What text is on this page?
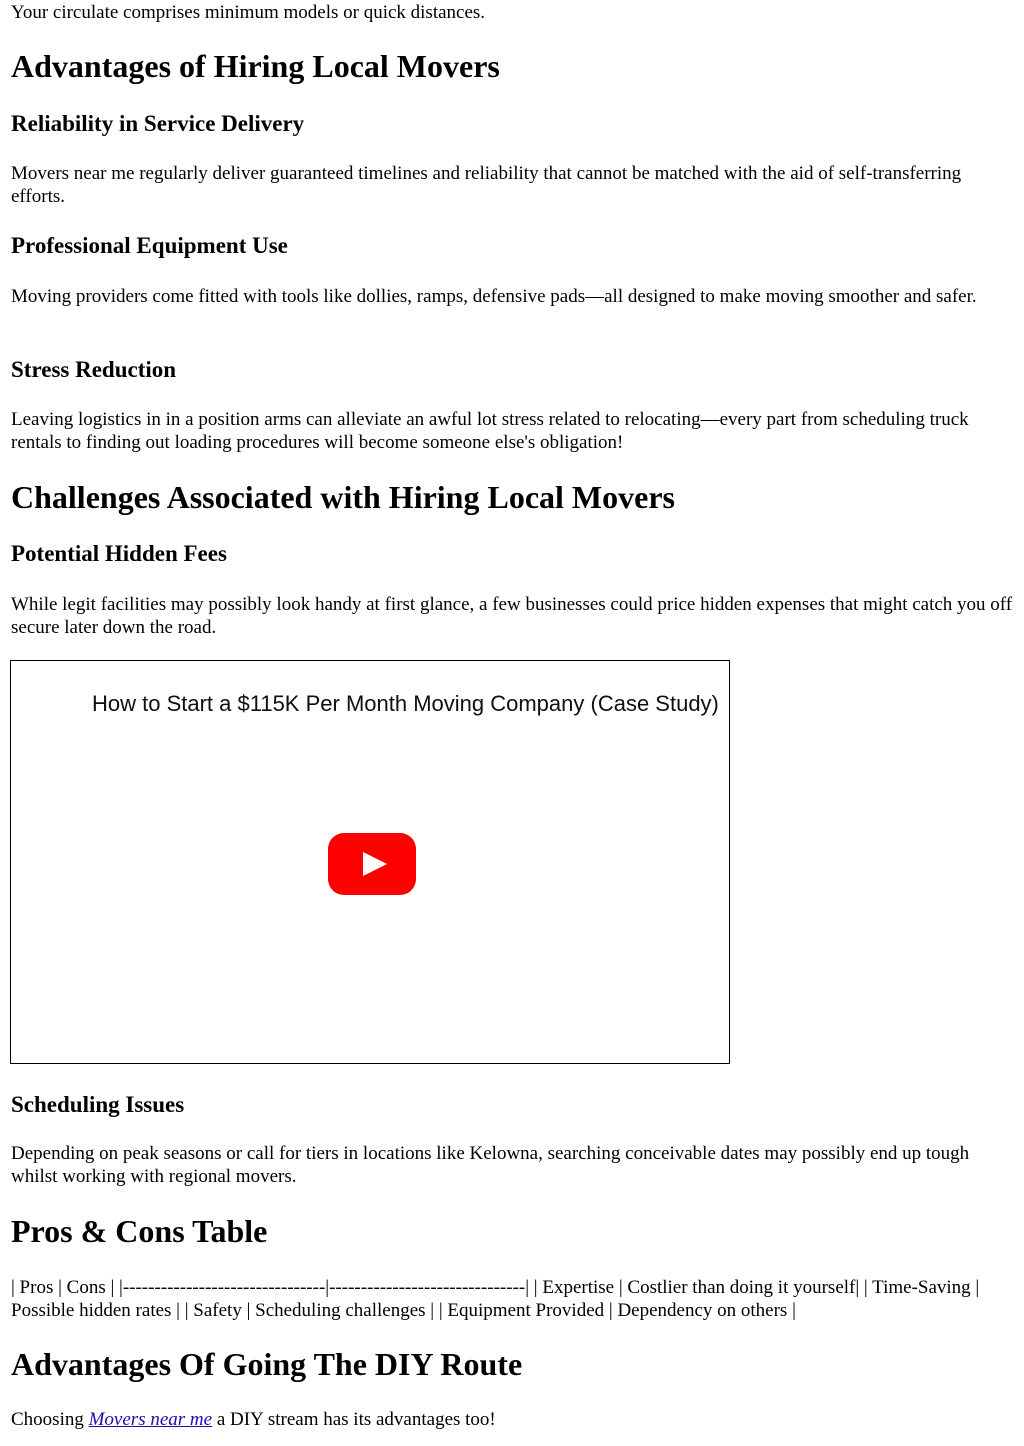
Your circulate comprises minimum models or quick distances.

Advantages of Hiring Local Movers
Reliability in Service Delivery

Movers near me regularly deliver guaranteed timelines and reliability that cannot be matched with the aid of self-transferring efforts.

Professional Equipment Use

Moving providers come fitted with tools like dollies, ramps, defensive pads—all designed to make moving smoother and safer.

Stress Reduction

Leaving logistics in in a position arms can alleviate an awful lot stress related to relocating—every part from scheduling truck rentals to finding out loading procedures will become someone else's obligation!

Challenges Associated with Hiring Local Movers
Potential Hidden Fees

While legit facilities may possibly look handy at first glance, a few businesses could price hidden expenses that might catch you off secure later down the road.

How to Start a $115K Per Month Moving Company (Case Study)
Scheduling Issues

Depending on peak seasons or call for tiers in locations like Kelowna, searching conceivable dates may possibly end up tough whilst working with regional movers.

Pros & Cons Table

| Pros | Cons | |--------------------------------|-------------------------------| | Expertise | Costlier than doing it yourself| | Time-Saving | Possible hidden rates | | Safety | Scheduling challenges | | Equipment Provided | Dependency on others |

Advantages Of Going The DIY Route

Choosing Movers near me a DIY stream has its advantages too!
